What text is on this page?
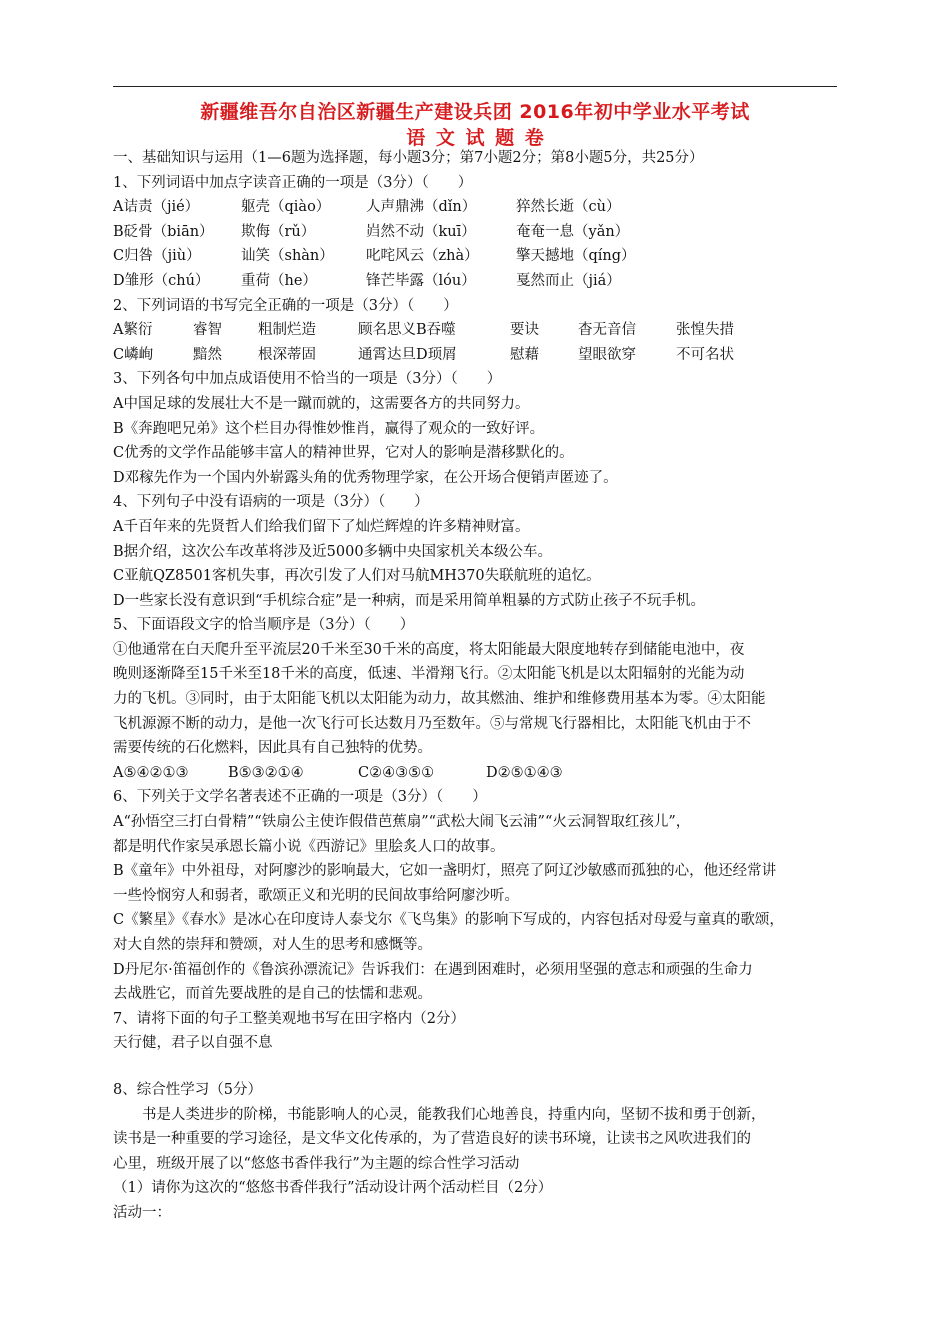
新疆维吾尔自治区新疆生产建设兵团 2016年初中学业水平考试
语 文 试 题 卷
一、基础知识与运用（1—6题为选择题，每小题3分；第7小题2分；第8小题5分，共25分）
1、下列词语中加点字读音正确的一项是（3分）（　　）
A诘责（jié）	躯壳（qiào）	人声鼎沸（dǐn）	猝然长逝（cù）
B砭骨（biān）	欺侮（rǔ）	岿然不动（kuī）	奄奄一息（yǎn）
C归咎（jiù）	讪笑（shàn）	叱咤风云（zhà）	擎天撼地（qíng）
D雏形（chú）	重荷（he）	锋芒毕露（lóu）	戛然而止（jiá）
2、下列词语的书写完全正确的一项是（3分）（　　）
A繁衍	睿智	粗制烂造	顾名思义B吞噬	要诀	杳无音信	张惶失措
C嶙峋	黯然	根深蒂固	通霄达旦D顼屑	慰藉	望眼欲穿	不可名状
3、下列各句中加点成语使用不恰当的一项是（3分）（　　）
A中国足球的发展壮大不是一蹴而就的，这需要各方的共同努力。
B《奔跑吧兄弟》这个栏目办得惟妙惟肖，赢得了观众的一致好评。
C优秀的文学作品能够丰富人的精神世界，它对人的影响是潜移默化的。
D邓稼先作为一个国内外崭露头角的优秀物理学家，在公开场合便销声匿迹了。
4、下列句子中没有语病的一项是（3分）（　　）
A千百年来的先贤哲人们给我们留下了灿烂辉煌的许多精神财富。
B据介绍，这次公车改革将涉及近5000多辆中央国家机关本级公车。
C亚航QZ8501客机失事，再次引发了人们对马航MH370失联航班的追忆。
D一些家长没有意识到“手机综合症”是一种病，而是采用简单粗暴的方式防止孩子不玩手机。
5、下面语段文字的恰当顺序是（3分）（　　）
①他通常在白天爬升至平流层20千米至30千米的高度，将太阳能最大限度地转存到储能电池中，夜
晚则逐渐降至15千米至18千米的高度，低速、半滑翔飞行。②太阳能飞机是以太阳辐射的光能为动
力的飞机。③同时，由于太阳能飞机以太阳能为动力，故其燃油、维护和维修费用基本为零。④太阳能
飞机源源不断的动力，是他一次飞行可长达数月乃至数年。⑤与常规飞行器相比，太阳能飞机由于不
需要传统的石化燃料，因此具有自己独特的优势。
A⑤④②①③	B⑤③②①④	C②④③⑤①	D②⑤①④③
6、下列关于文学名著表述不正确的一项是（3分）（　　）
A“孙悟空三打白骨精”“铁扇公主使诈假借芭蕉扇”“武松大闹飞云浦”“火云洞智取红孩儿”，
都是明代作家吴承恩长篇小说《西游记》里脍炙人口的故事。
B《童年》中外祖母，对阿廖沙的影响最大，它如一盏明灯，照亮了阿辽沙敏感而孤独的心，他还经常讲
一些怜悯穷人和弱者，歌颂正义和光明的民间故事给阿廖沙听。
C《繁星》《春水》是冰心在印度诗人泰戈尔《飞鸟集》的影响下写成的，内容包括对母爱与童真的歌颂，
对大自然的崇拜和赞颂，对人生的思考和感慨等。
D丹尼尔·笛福创作的《鲁滨孙漂流记》告诉我们：在遇到困难时，必须用坚强的意志和顽强的生命力
去战胜它，而首先要战胜的是自己的怯懦和悲观。
7、请将下面的句子工整美观地书写在田字格内（2分）
天行健，君子以自强不息
8、综合性学习（5分）
书是人类进步的阶梯，书能影响人的心灵，能教我们心地善良，持重内向，坚韧不拔和勇于创新，
读书是一种重要的学习途径，是文华文化传承的，为了营造良好的读书环境，让读书之风吹进我们的
心里，班级开展了以“悠悠书香伴我行”为主题的综合性学习活动
（1）请你为这次的“悠悠书香伴我行”活动设计两个活动栏目（2分）
活动一：
